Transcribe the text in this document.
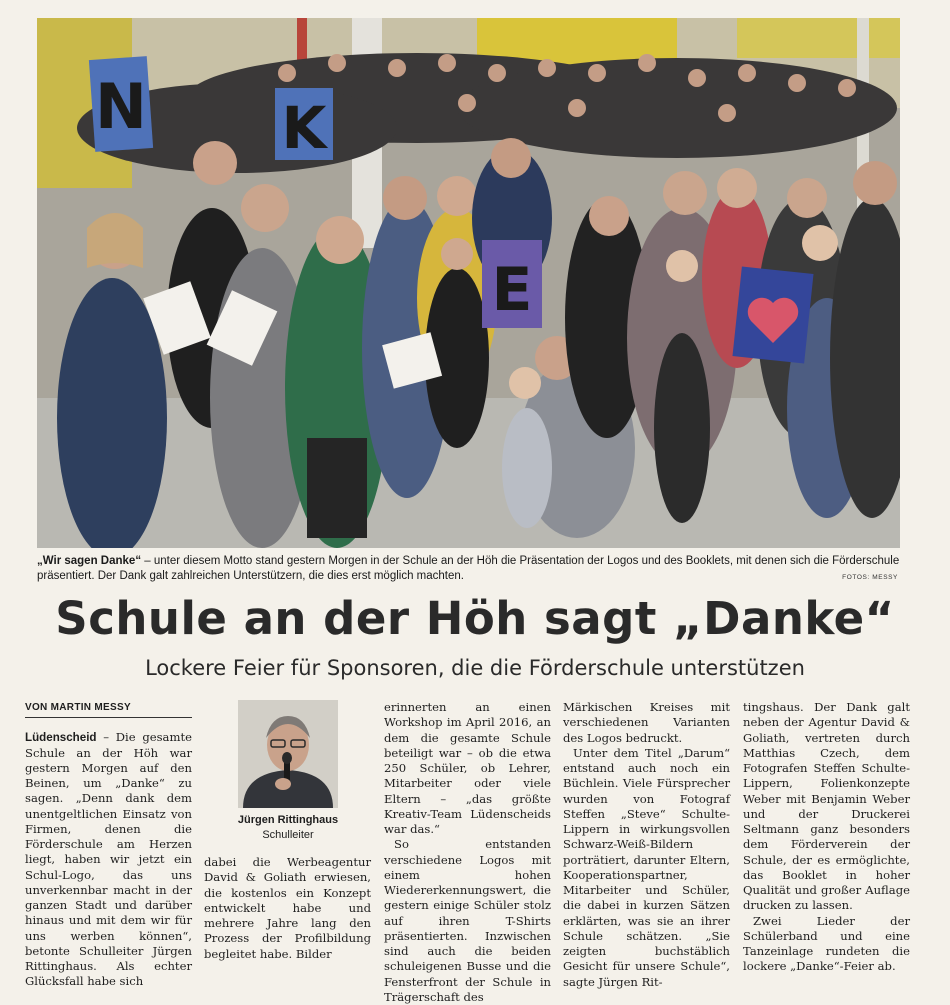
N K
E
„Wir sagen Danke“ – unter diesem Motto stand gestern Morgen in der Schule an der Höh die Präsentation der Logos und des Booklets, mit denen sich die Förderschule präsentiert. Der Dank galt zahlreichen Unterstützern, die dies erst möglich machten.	FOTOS: MESSY
Schule an der Höh sagt „Danke“
Lockere Feier für Sponsoren, die die Förderschule unterstützen
VON MARTIN MESSY

Lüdenscheid – Die gesamte Schule an der Höh war gestern Morgen auf den Beinen, um „Danke“ zu sagen. „Denn dank dem unentgeltlichen Einsatz von Firmen, denen die Förderschule am Herzen liegt, haben wir jetzt ein Schul-Logo, das uns unverkennbar macht in der ganzen Stadt und darüber hinaus und mit dem wir für uns werben können“, betonte Schulleiter Jürgen Rittinghaus. Als echter Glücksfall habe sich

Jürgen Rittinghaus
Schulleiter

dabei die Werbeagentur David & Goliath erwiesen, die kostenlos ein Konzept entwickelt habe und mehrere Jahre lang den Prozess der Profilbildung begleitet habe. Bilder

erinnerten an einen Workshop im April 2016, an dem die gesamte Schule beteiligt war – ob die etwa 250 Schüler, ob Lehrer, Mitarbeiter oder viele Eltern – „das größte Kreativ-Team Lüdenscheids war das.“

So entstanden verschiedene Logos mit einem hohen Wiedererkennungswert, die gestern einige Schüler stolz auf ihren T-Shirts präsentierten. Inzwischen sind auch die beiden schuleigenen Busse und die Fensterfront der Schule in Trägerschaft des

Märkischen Kreises mit verschiedenen Varianten des Logos bedruckt.

Unter dem Titel „Darum“ entstand auch noch ein Büchlein. Viele Fürsprecher wurden von Fotograf Steffen „Steve“ Schulte-Lippern in wirkungsvollen Schwarz-Weiß-Bildern porträtiert, darunter Eltern, Kooperationspartner, Mitarbeiter und Schüler, die dabei in kurzen Sätzen erklärten, was sie an ihrer Schule schätzen. „Sie zeigten buchstäblich Gesicht für unsere Schule“, sagte Jürgen Rit-

tingshaus. Der Dank galt neben der Agentur David & Goliath, vertreten durch Matthias Czech, dem Fotografen Steffen Schulte-Lippern, Folienkonzepte Weber mit Benjamin Weber und der Druckerei Seltmann ganz besonders dem Förderverein der Schule, der es ermöglichte, das Booklet in hoher Qualität und großer Auflage drucken zu lassen.

Zwei Lieder der Schülerband und eine Tanzeinlage rundeten die lockere „Danke“-Feier ab.
